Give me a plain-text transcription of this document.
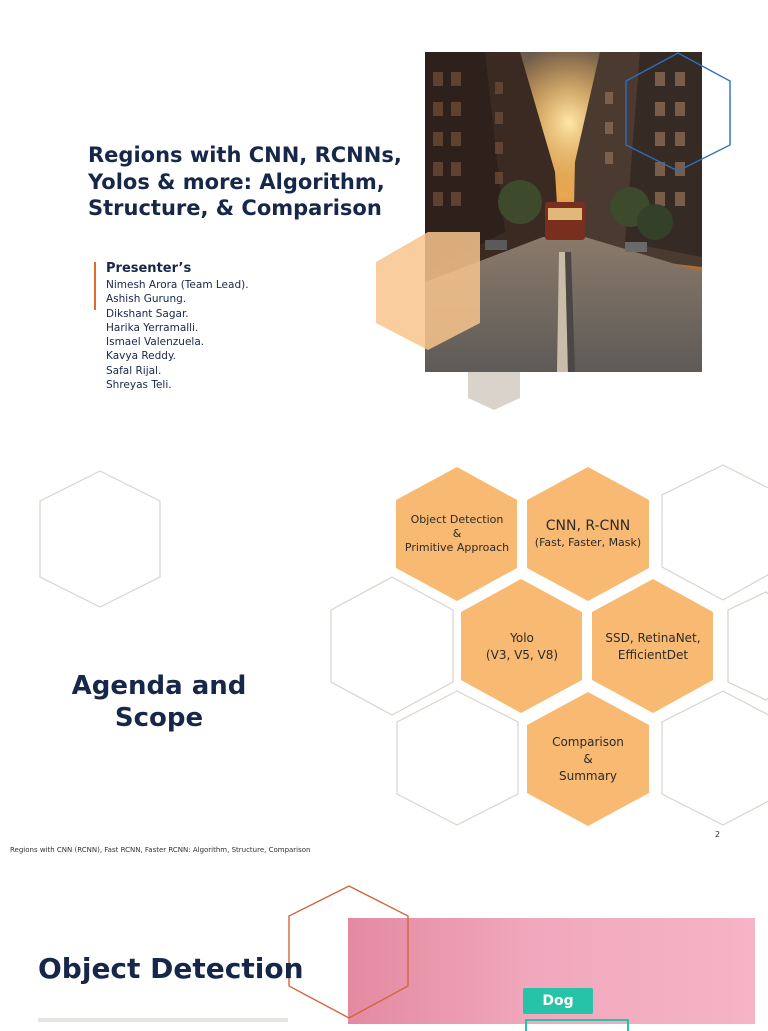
Regions with CNN, RCNNs, Yolos & more: Algorithm, Structure, & Comparison
Presenter’s
Nimesh Arora (Team Lead).
Ashish Gurung.
Dikshant Sagar.
Harika Yerramalli.
Ismael Valenzuela.
Kavya Reddy.
Safal Rijal.
Shreyas Teli.
Object Detection
&
Primitive Approach
CNN, R-CNN
(Fast, Faster, Mask)
Yolo
(V3, V5, V8)
SSD, RetinaNet,
EfficientDet
Comparison
&
Summary
Agenda and
Scope
2
Regions with CNN (RCNN), Fast RCNN, Faster RCNN: Algorithm, Structure, Comparison
Object Detection
Dog
